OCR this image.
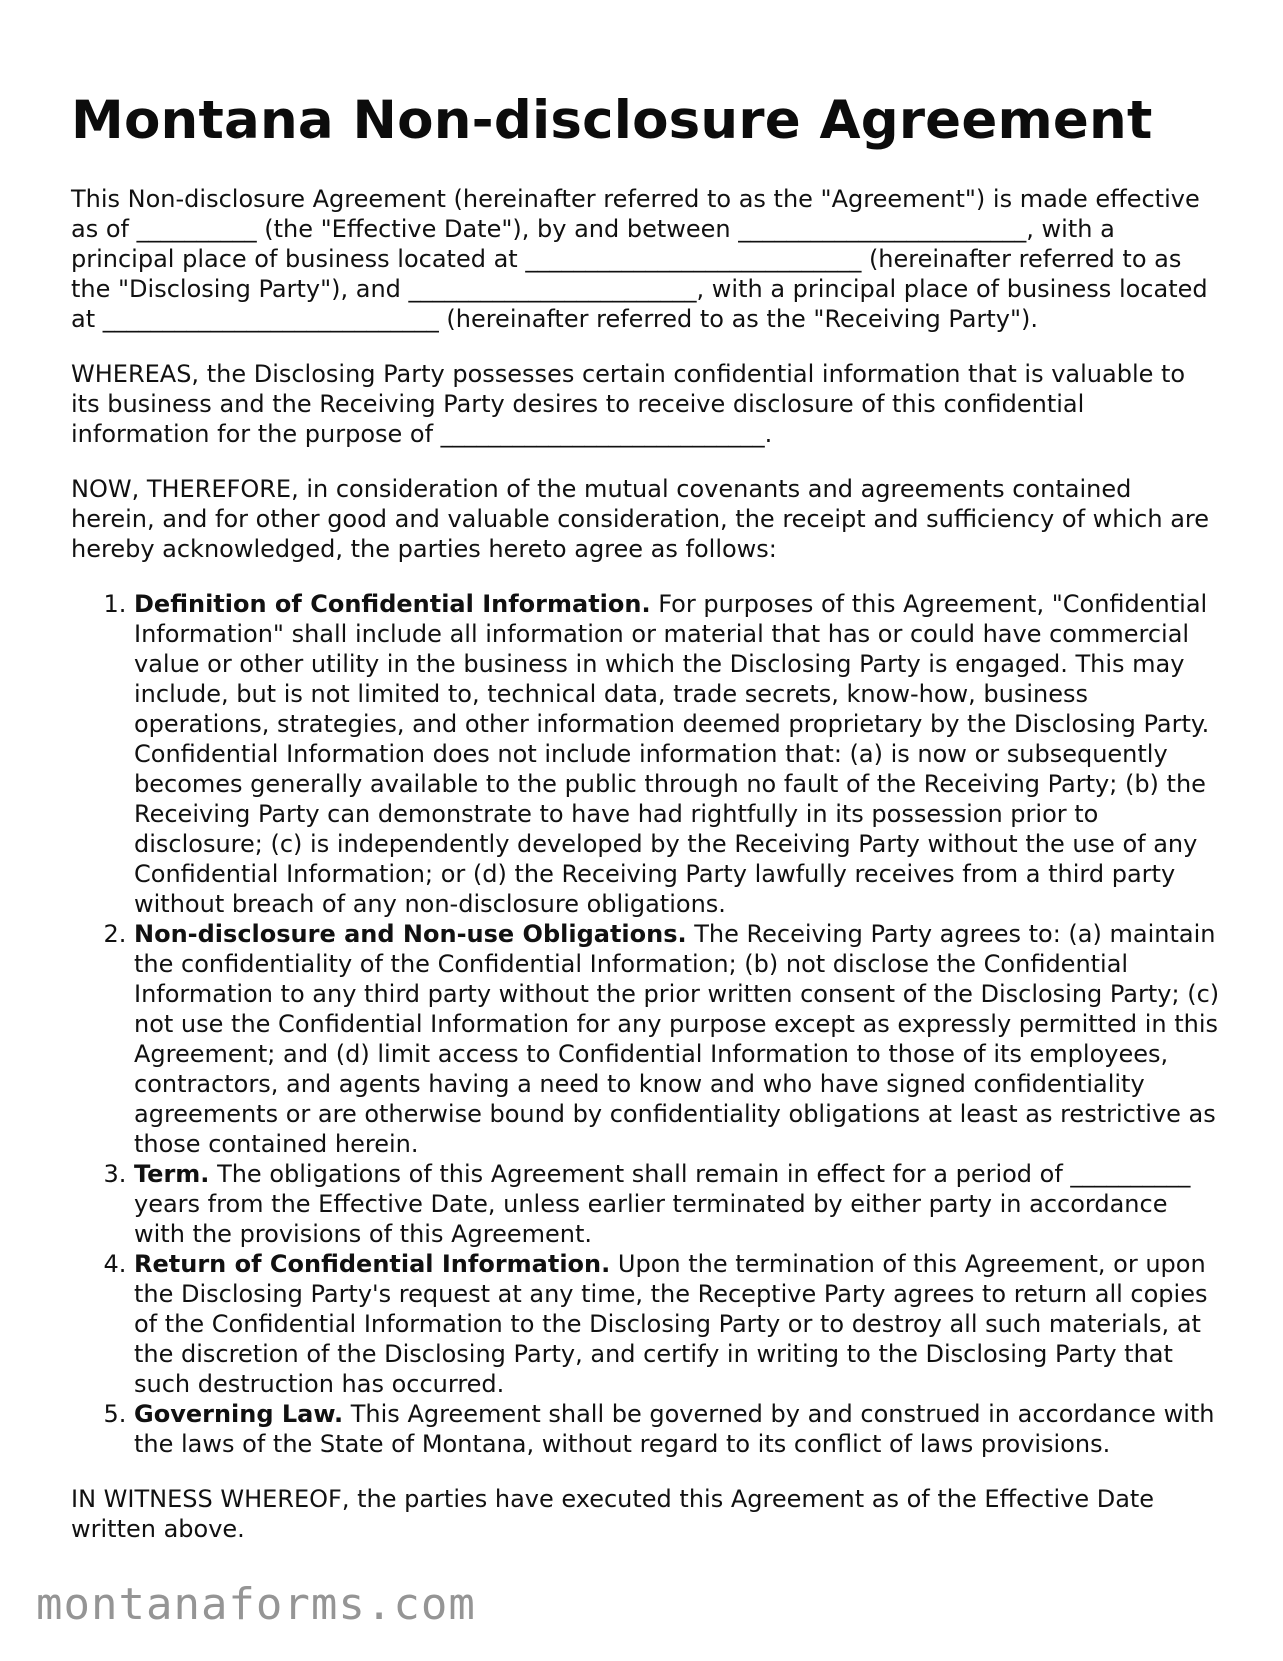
Montana Non-disclosure Agreement

This Non-disclosure Agreement (hereinafter referred to as the "Agreement") is made effective as of __________ (the "Effective Date"), by and between ________________________, with a principal place of business located at ____________________________ (hereinafter referred to as the "Disclosing Party"), and ________________________, with a principal place of business located at ____________________________ (hereinafter referred to as the "Receiving Party").

WHEREAS, the Disclosing Party possesses certain confidential information that is valuable to its business and the Receiving Party desires to receive disclosure of this confidential information for the purpose of ___________________________.

NOW, THEREFORE, in consideration of the mutual covenants and agreements contained herein, and for other good and valuable consideration, the receipt and sufficiency of which are hereby acknowledged, the parties hereto agree as follows:

1. Definition of Confidential Information. For purposes of this Agreement, "Confidential Information" shall include all information or material that has or could have commercial value or other utility in the business in which the Disclosing Party is engaged. This may include, but is not limited to, technical data, trade secrets, know-how, business operations, strategies, and other information deemed proprietary by the Disclosing Party. Confidential Information does not include information that: (a) is now or subsequently becomes generally available to the public through no fault of the Receiving Party; (b) the Receiving Party can demonstrate to have had rightfully in its possession prior to disclosure; (c) is independently developed by the Receiving Party without the use of any Confidential Information; or (d) the Receiving Party lawfully receives from a third party without breach of any non-disclosure obligations.
2. Non-disclosure and Non-use Obligations. The Receiving Party agrees to: (a) maintain the confidentiality of the Confidential Information; (b) not disclose the Confidential Information to any third party without the prior written consent of the Disclosing Party; (c) not use the Confidential Information for any purpose except as expressly permitted in this Agreement; and (d) limit access to Confidential Information to those of its employees, contractors, and agents having a need to know and who have signed confidentiality agreements or are otherwise bound by confidentiality obligations at least as restrictive as those contained herein.
3. Term. The obligations of this Agreement shall remain in effect for a period of __________ years from the Effective Date, unless earlier terminated by either party in accordance with the provisions of this Agreement.
4. Return of Confidential Information. Upon the termination of this Agreement, or upon the Disclosing Party's request at any time, the Receptive Party agrees to return all copies of the Confidential Information to the Disclosing Party or to destroy all such materials, at the discretion of the Disclosing Party, and certify in writing to the Disclosing Party that such destruction has occurred.
5. Governing Law. This Agreement shall be governed by and construed in accordance with the laws of the State of Montana, without regard to its conflict of laws provisions.

IN WITNESS WHEREOF, the parties have executed this Agreement as of the Effective Date written above.

montanaforms.com
